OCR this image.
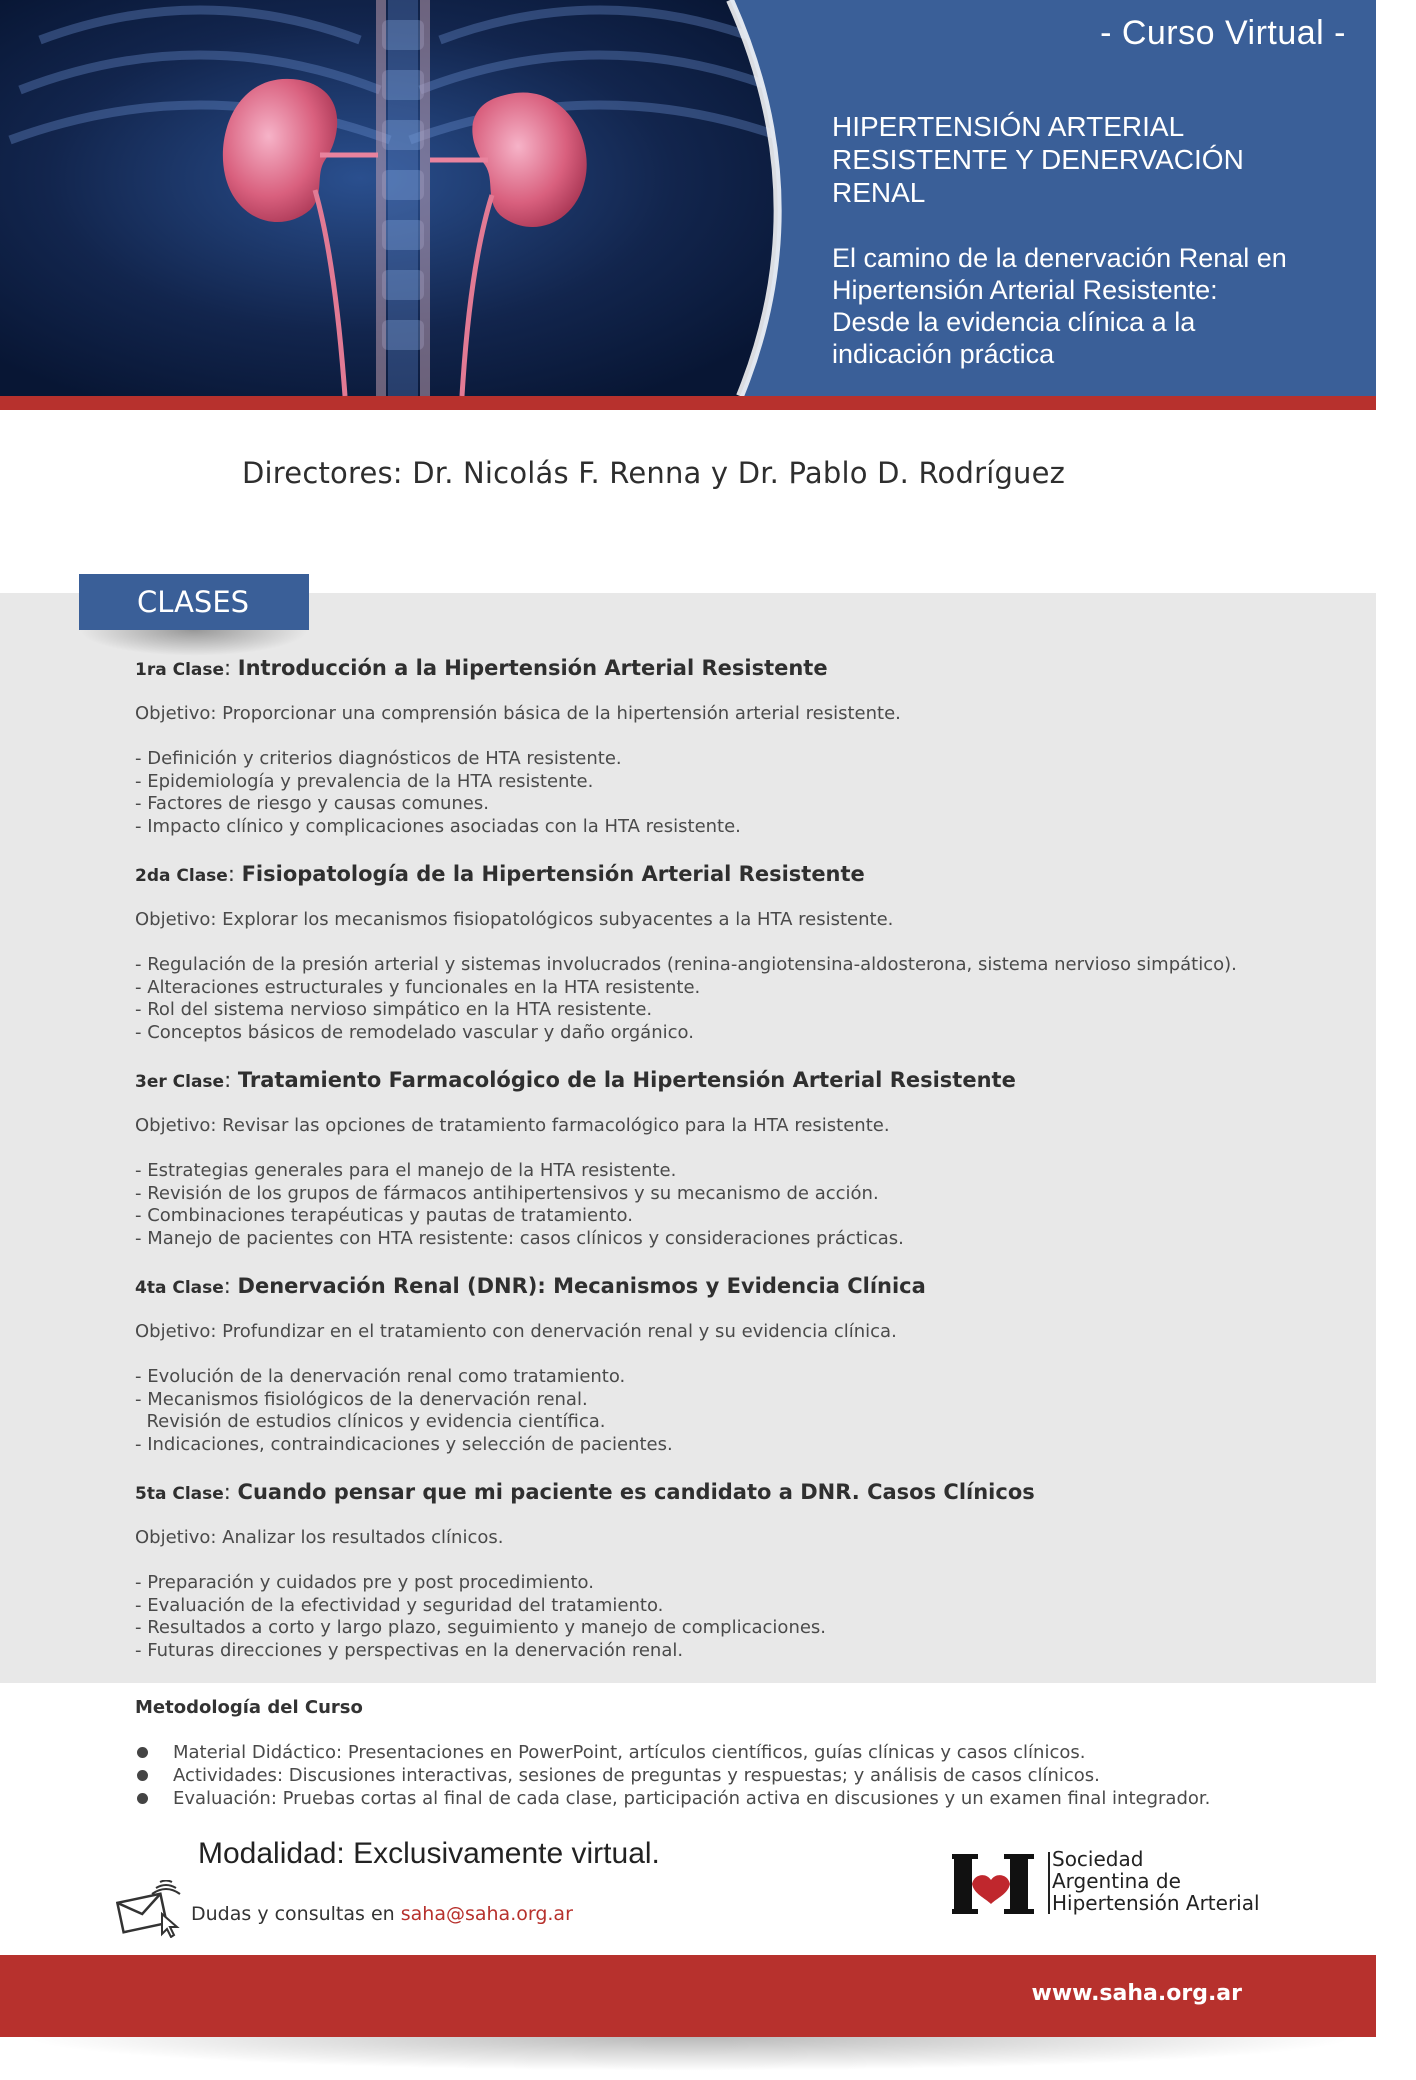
- Curso Virtual -
HIPERTENSIÓN ARTERIAL
RESISTENTE Y DENERVACIÓN
RENAL
El camino de la denervación Renal en
Hipertensión Arterial Resistente:
Desde la evidencia clínica a la
indicación práctica
Directores: Dr. Nicolás F. Renna y Dr. Pablo D. Rodríguez
CLASES
1ra Clase: Introducción a la Hipertensión Arterial Resistente
Objetivo: Proporcionar una comprensión básica de la hipertensión arterial resistente.
- Definición y criterios diagnósticos de HTA resistente.
- Epidemiología y prevalencia de la HTA resistente.
- Factores de riesgo y causas comunes.
- Impacto clínico y complicaciones asociadas con la HTA resistente.
2da Clase: Fisiopatología de la Hipertensión Arterial Resistente
Objetivo: Explorar los mecanismos fisiopatológicos subyacentes a la HTA resistente.
- Regulación de la presión arterial y sistemas involucrados (renina-angiotensina-aldosterona, sistema nervioso simpático).
- Alteraciones estructurales y funcionales en la HTA resistente.
- Rol del sistema nervioso simpático en la HTA resistente.
- Conceptos básicos de remodelado vascular y daño orgánico.
3er Clase: Tratamiento Farmacológico de la Hipertensión Arterial Resistente
Objetivo: Revisar las opciones de tratamiento farmacológico para la HTA resistente.
- Estrategias generales para el manejo de la HTA resistente.
- Revisión de los grupos de fármacos antihipertensivos y su mecanismo de acción.
- Combinaciones terapéuticas y pautas de tratamiento.
- Manejo de pacientes con HTA resistente: casos clínicos y consideraciones prácticas.
4ta Clase: Denervación Renal (DNR): Mecanismos y Evidencia Clínica
Objetivo: Profundizar en el tratamiento con denervación renal y su evidencia clínica.
- Evolución de la denervación renal como tratamiento.
- Mecanismos fisiológicos de la denervación renal.
Revisión de estudios clínicos y evidencia científica.
- Indicaciones, contraindicaciones y selección de pacientes.
5ta Clase: Cuando pensar que mi paciente es candidato a DNR. Casos Clínicos
Objetivo: Analizar los resultados clínicos.
- Preparación y cuidados pre y post procedimiento.
- Evaluación de la efectividad y seguridad del tratamiento.
- Resultados a corto y largo plazo, seguimiento y manejo de complicaciones.
- Futuras direcciones y perspectivas en la denervación renal.
Metodología del Curso
Material Didáctico: Presentaciones en PowerPoint, artículos científicos, guías clínicas y casos clínicos.
Actividades: Discusiones interactivas, sesiones de preguntas y respuestas; y análisis de casos clínicos.
Evaluación: Pruebas cortas al final de cada clase, participación activa en discusiones y un examen final integrador.
Modalidad: Exclusivamente virtual.
Dudas y consultas en saha@saha.org.ar
Sociedad
Argentina de
Hipertensión Arterial
www.saha.org.ar
